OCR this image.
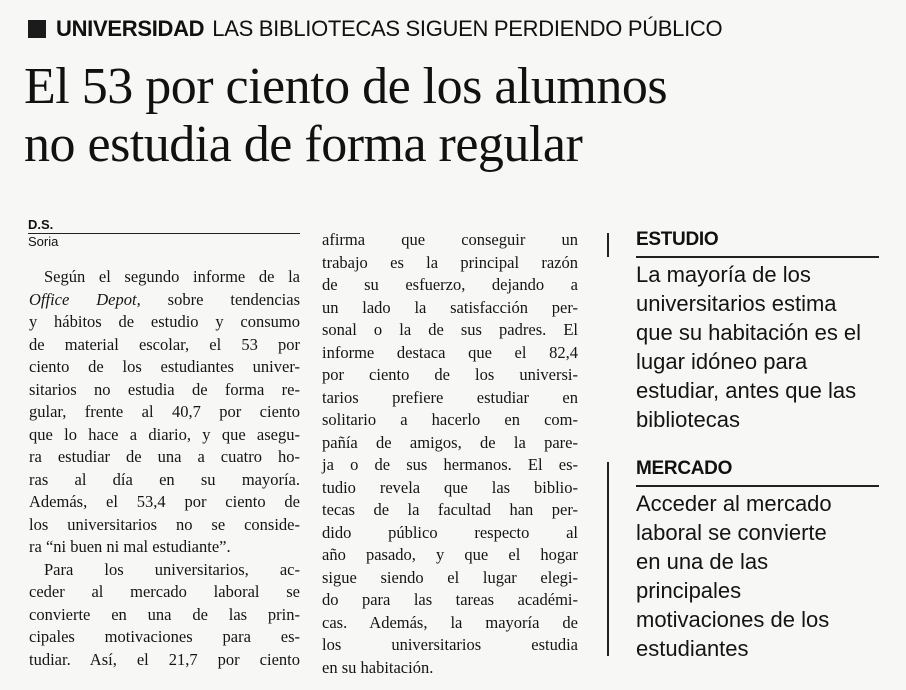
UNIVERSIDAD LAS BIBLIOTECAS SIGUEN PERDIENDO PÚBLICO
El 53 por ciento de los alumnos
no estudia de forma regular
D.S.
Soria
Según el segundo informe de la
Office Depot, sobre tendencias
y hábitos de estudio y consumo
de material escolar, el 53 por
ciento de los estudiantes univer-
sitarios no estudia de forma re-
gular, frente al 40,7 por ciento
que lo hace a diario, y que asegu-
ra estudiar de una a cuatro ho-
ras al día en su mayoría.
Además, el 53,4 por ciento de
los universitarios no se conside-
ra “ni buen ni mal estudiante”.
Para los universitarios, ac-
ceder al mercado laboral se
convierte en una de las prin-
cipales motivaciones para es-
tudiar. Así, el 21,7 por ciento
afirma que conseguir un
trabajo es la principal razón
de su esfuerzo, dejando a
un lado la satisfacción per-
sonal o la de sus padres. El
informe destaca que el 82,4
por ciento de los universi-
tarios prefiere estudiar en
solitario a hacerlo en com-
pañía de amigos, de la pare-
ja o de sus hermanos. El es-
tudio revela que las biblio-
tecas de la facultad han per-
dido público respecto al
año pasado, y que el hogar
sigue siendo el lugar elegi-
do para las tareas académi-
cas. Además, la mayoría de
los universitarios estudia
en su habitación.
ESTUDIO
La mayoría de los
universitarios estima
que su habitación es el
lugar idóneo para
estudiar, antes que las
bibliotecas
MERCADO
Acceder al mercado
laboral se convierte
en una de las
principales
motivaciones de los
estudiantes
